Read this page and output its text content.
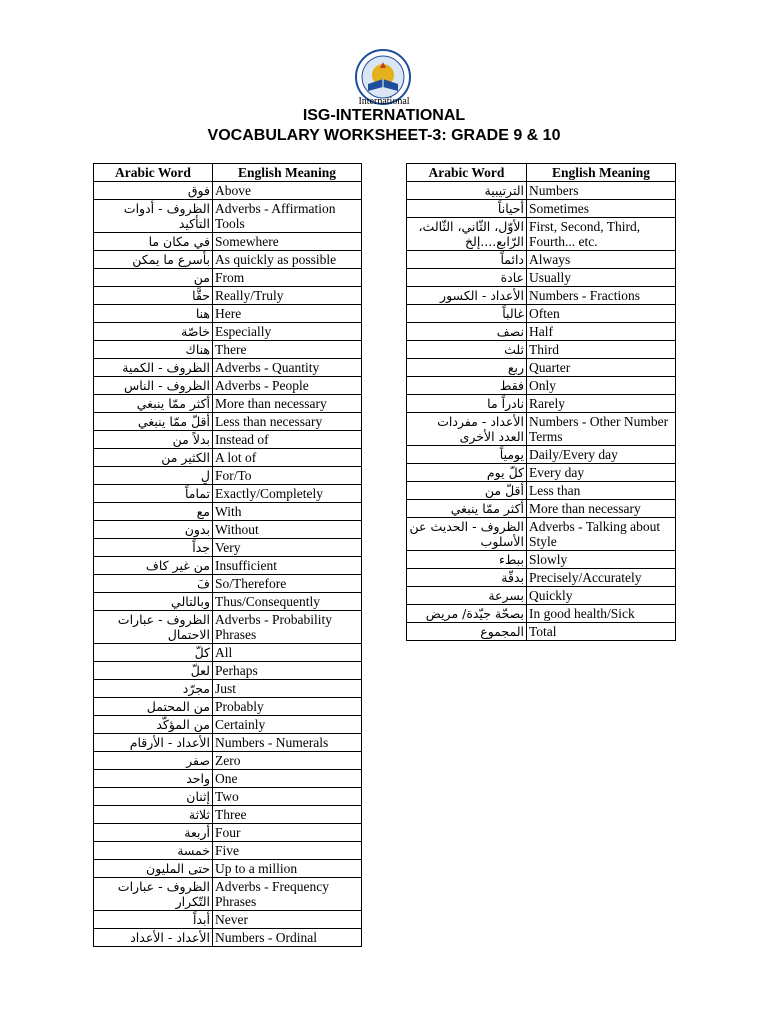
International
ISG-INTERNATIONAL
VOCABULARY WORKSHEET-3: GRADE 9 & 10
Arabic Word	English Meaning
فوق	Above
الظروف - أدوات التأكيد	Adverbs - Affirmation Tools
في مكان ما	Somewhere
بأسرع ما يمكن	As quickly as possible
من	From
حقًّا	Really/Truly
هنا	Here
خاصّة	Especially
هناك	There
الظروف - الكمية	Adverbs - Quantity
الظروف - الناس	Adverbs - People
أكثر ممّا ينبغي	More than necessary
أقلّ ممّا ينبغي	Less than necessary
بدلاً من	Instead of
الكثير من	A lot of
لِ	For/To
تماماً	Exactly/Completely
مع	With
بدون	Without
جداً	Very
من غير كاف	Insufficient
فَ	So/Therefore
وبالتالي	Thus/Consequently
الظروف - عبارات الاحتمال	Adverbs - Probability Phrases
كلّ	All
لعلّ	Perhaps
مجرّد	Just
من المحتمل	Probably
من المؤكّد	Certainly
الأعداد - الأرقام	Numbers - Numerals
صفر	Zero
واحد	One
إثنان	Two
ثلاثة	Three
أربعة	Four
خمسة	Five
حتى المليون	Up to a million
الظروف - عبارات التّكرار	Adverbs - Frequency Phrases
أبداً	Never
الأعداد - الأعداد	Numbers - Ordinal
Arabic Word	English Meaning
الترتيبية	Numbers
أحياناً	Sometimes
الأوّل، الثّاني، الثّالث، الرّابع....إلخ	First, Second, Third, Fourth... etc.
دائماً	Always
عادة	Usually
الأعداد - الكسور	Numbers - Fractions
غالباً	Often
نصف	Half
ثلث	Third
ربع	Quarter
فقط	Only
نادراً ما	Rarely
الأعداد - مفردات العدد الأخرى	Numbers - Other Number Terms
يومياً	Daily/Every day
كلّ يوم	Every day
أقلّ من	Less than
أكثر ممّا ينبغي	More than necessary
الظروف - الحديث عن الأسلوب	Adverbs - Talking about Style
ببطء	Slowly
بدقّة	Precisely/Accurately
بسرعة	Quickly
بصحّة جيّدة/ مريض	In good health/Sick
المجموع	Total
